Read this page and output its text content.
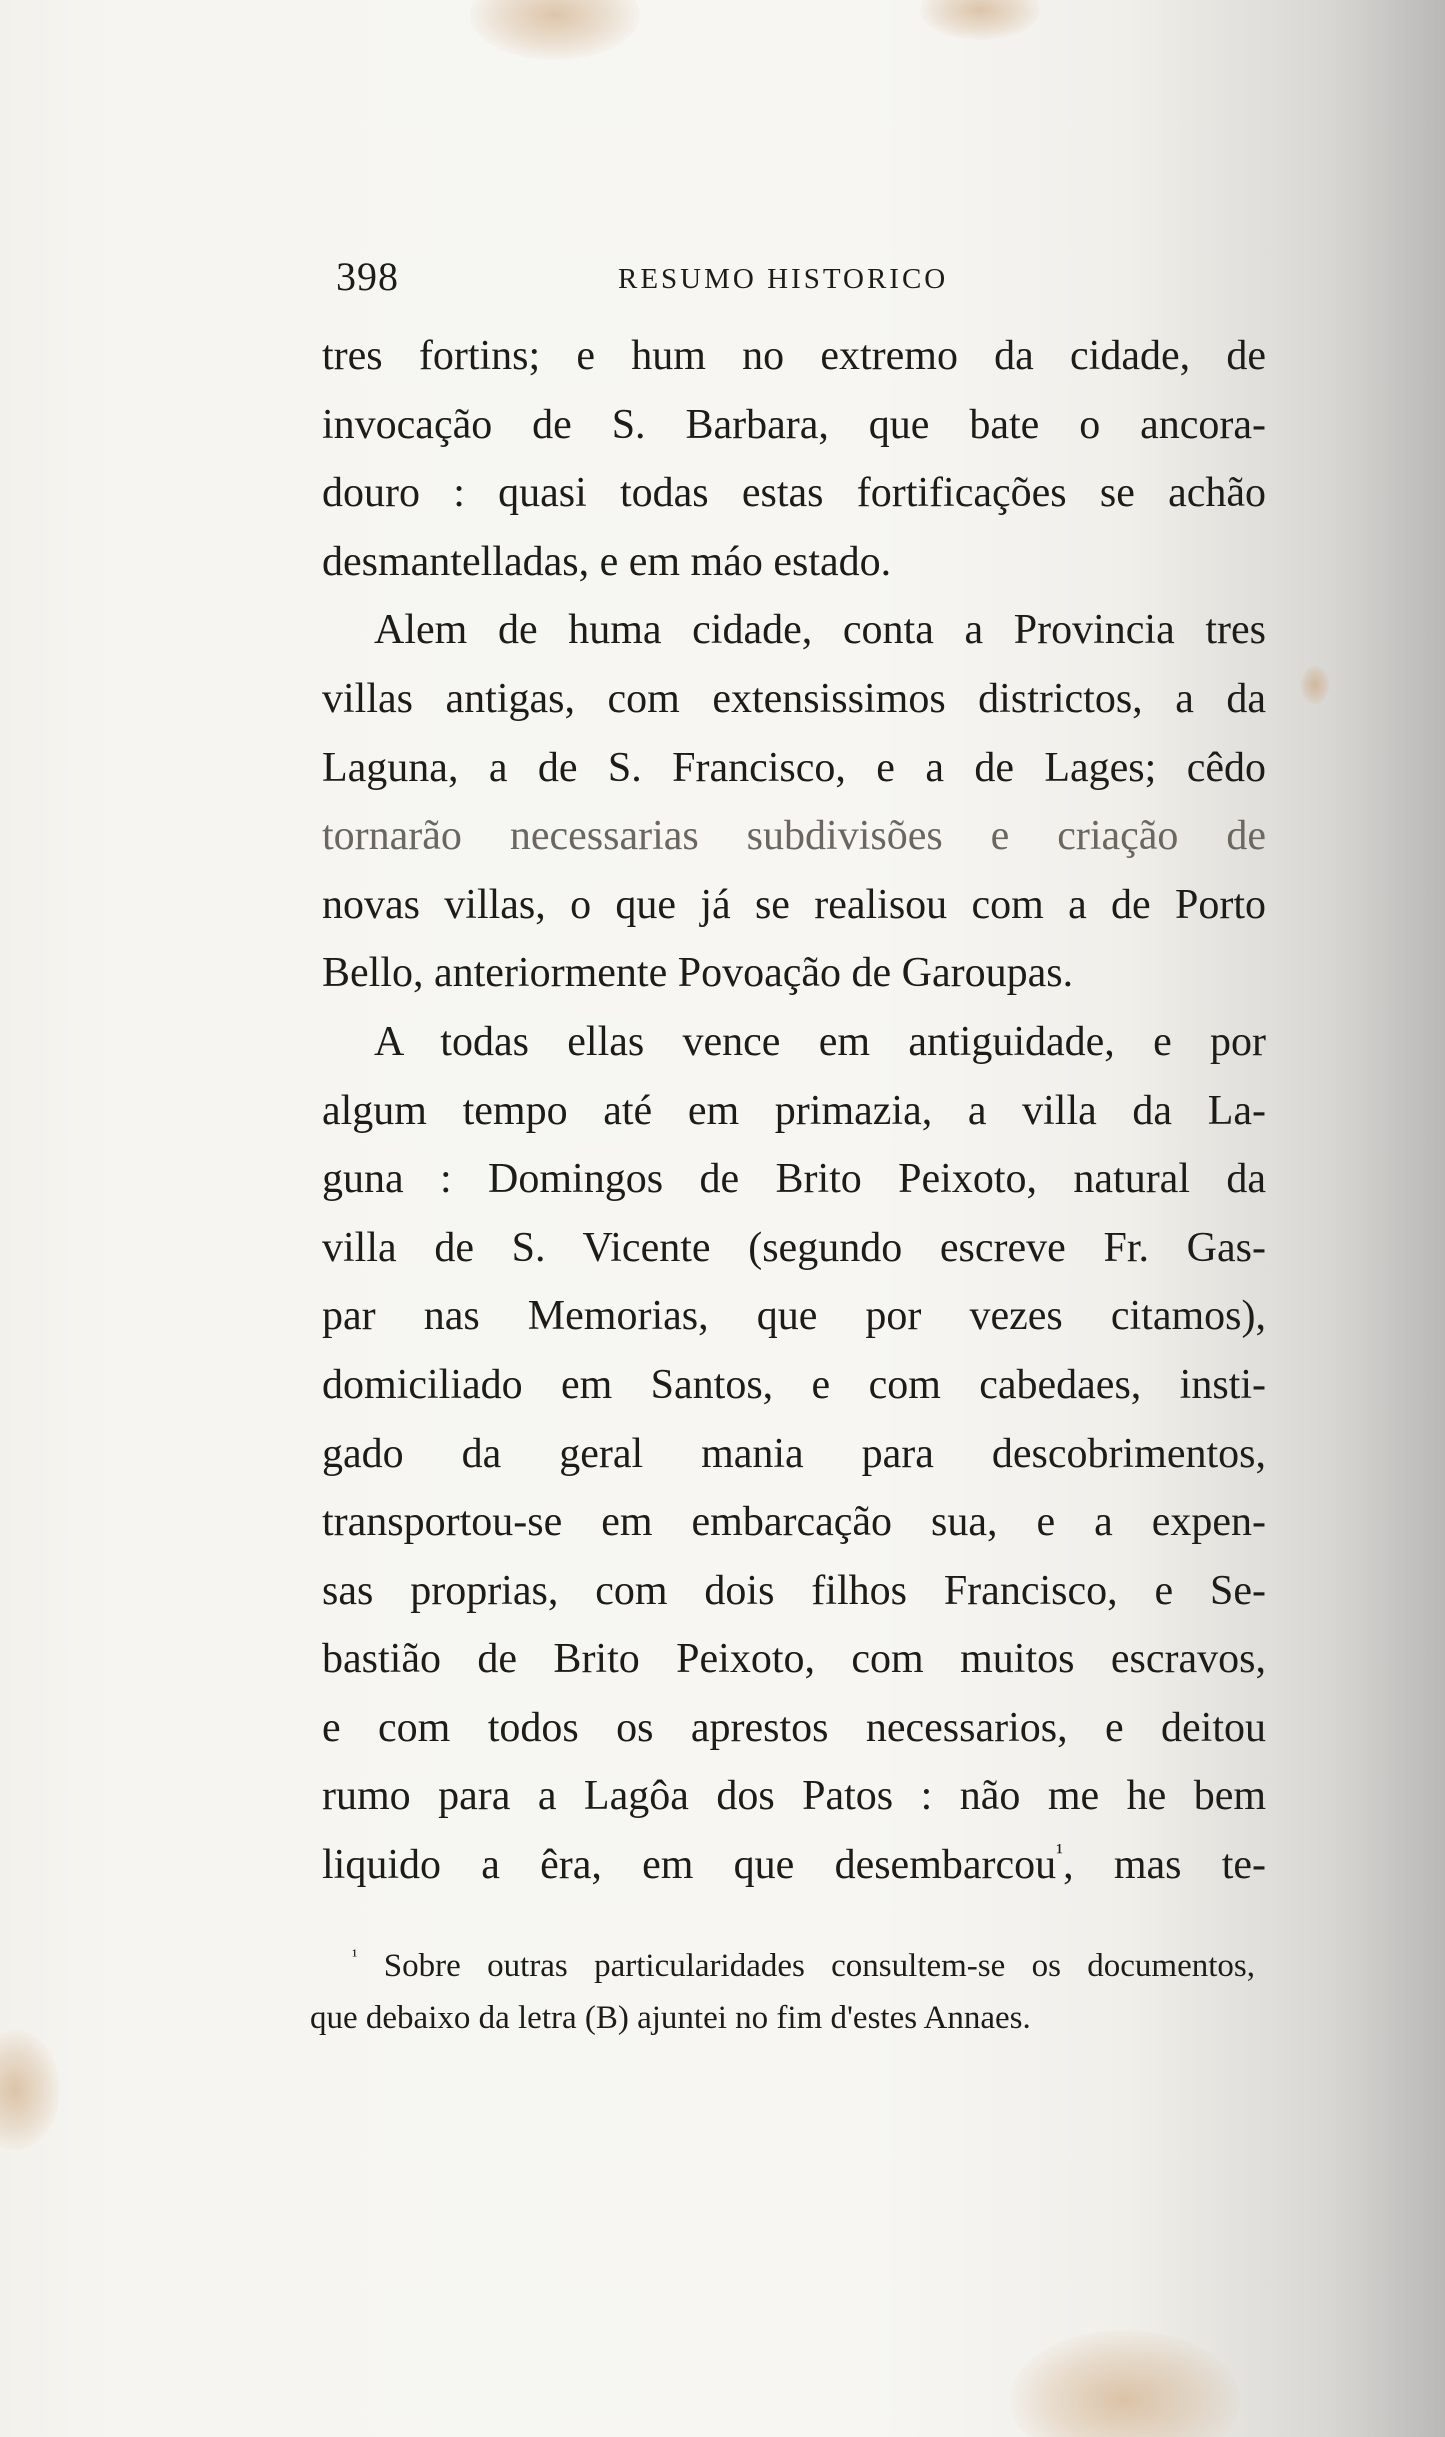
398	RESUMO HISTORICO
tres fortins; e hum no extremo da cidade, de
invocação de S. Barbara, que bate o ancora-
douro : quasi todas estas fortificações se achão
desmantelladas, e em máo estado.
Alem de huma cidade, conta a Provincia tres
villas antigas, com extensissimos districtos, a da
Laguna, a de S. Francisco, e a de Lages; cêdo
tornarão necessarias subdivisões e criação de
novas villas, o que já se realisou com a de Porto
Bello, anteriormente Povoação de Garoupas.
A todas ellas vence em antiguidade, e por
algum tempo até em primazia, a villa da La-
guna : Domingos de Brito Peixoto, natural da
villa de S. Vicente (segundo escreve Fr. Gas-
par nas Memorias, que por vezes citamos),
domiciliado em Santos, e com cabedaes, insti-
gado da geral mania para descobrimentos,
transportou-se em embarcação sua, e a expen-
sas proprias, com dois filhos Francisco, e Se-
bastião de Brito Peixoto, com muitos escravos,
e com todos os aprestos necessarios, e deitou
rumo para a Lagôa dos Patos : não me he bem
liquido a êra, em que desembarcou$^{^1}$, mas te-
$^{^1}$ Sobre outras particularidades consultem-se os documentos,
que debaixo da letra (B) ajuntei no fim d'estes Annaes.
